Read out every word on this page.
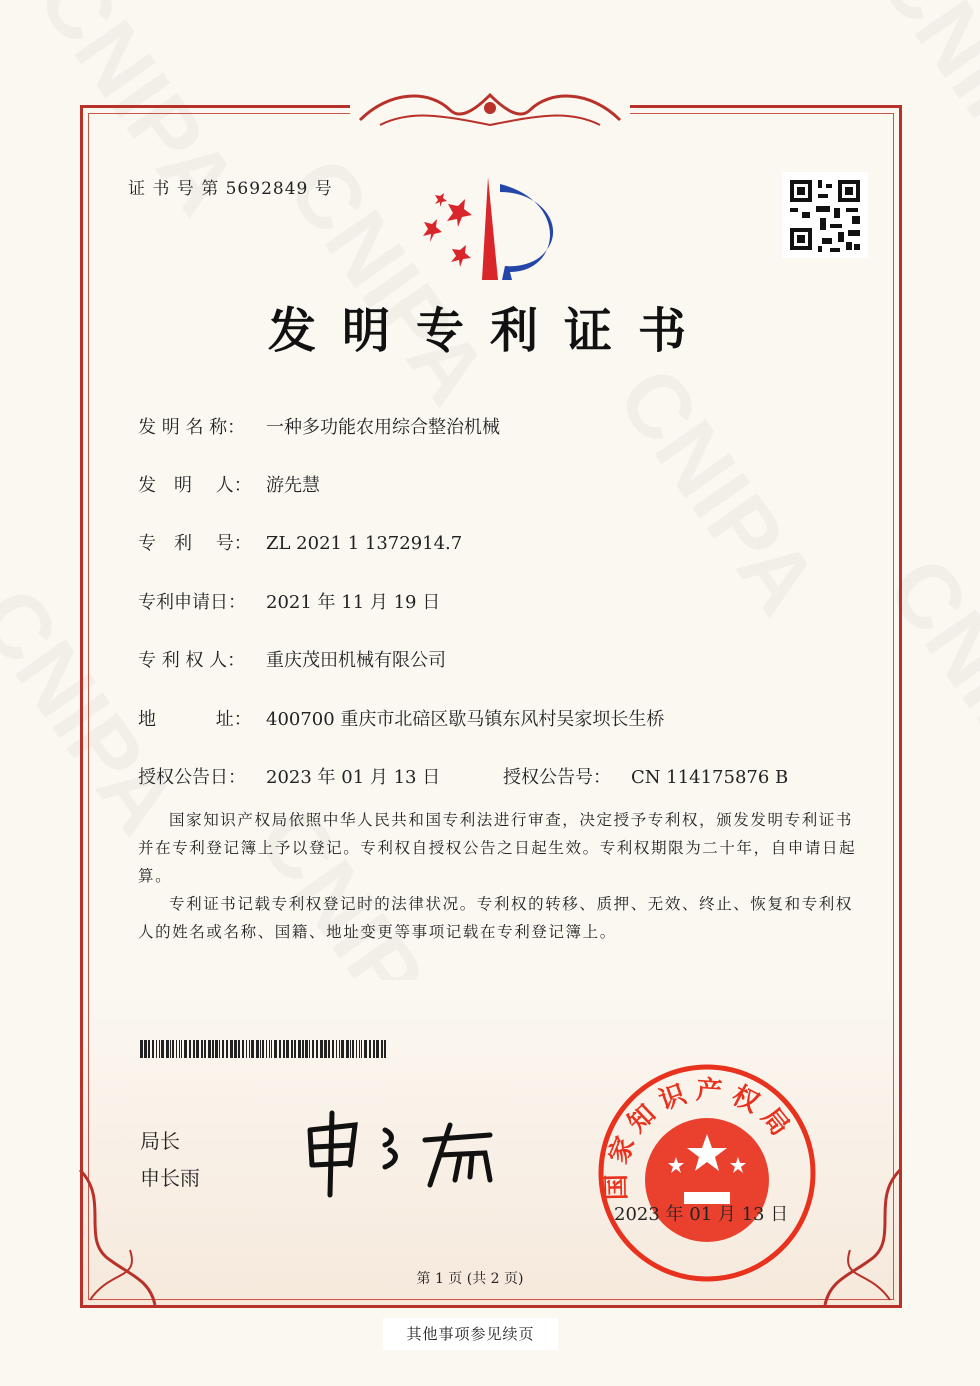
证 书 号 第 5692849 号
发明专利证书
发 明 名 称： 一种多功能农用综合整治机械
发　明　 人： 游先慧
专　利　 号： ZL 2021 1 1372914.7
专利申请日： 2021 年 11 月 19 日
专 利 权 人： 重庆茂田机械有限公司
地　　　 址： 400700 重庆市北碚区歇马镇东风村吴家坝长生桥
授权公告日： 2023 年 01 月 13 日	授权公告号： CN 114175876 B

国家知识产权局依照中华人民共和国专利法进行审查，决定授予专利权，颁发发明专利证书并在专利登记簿上予以登记。专利权自授权公告之日起生效。专利权期限为二十年，自申请日起算。

专利证书记载专利权登记时的法律状况。专利权的转移、质押、无效、终止、恢复和专利权人的姓名或名称、国籍、地址变更等事项记载在专利登记簿上。

局长
申长雨	国家知识产权局
2023 年 01 月 13 日
第 1 页 (共 2 页)
其他事项参见续页
